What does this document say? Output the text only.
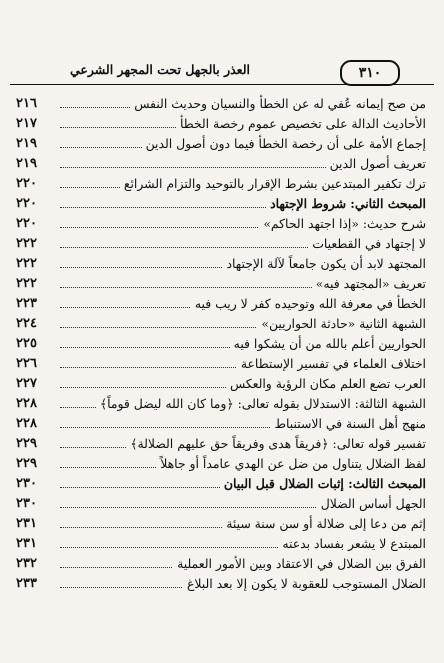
العذر بالجهل تحت المجهر الشرعي	٣١٠
من صح إيمانه عُفي له عن الخطأ والنسيان وحديث النفس
٢١٦
الأحاديث الدالة على تخصيص عموم رخصة الخطأ
٢١٧
إجماع الأمة على أن رخصة الخطأ فيما دون أصول الدين
٢١٩
تعريف أصول الدين
٢١٩
ترك تكفير المبتدعين بشرط الإقرار بالتوحيد والتزام الشرائع
٢٢٠
المبحث الثاني: شروط الإجتهاد
٢٢٠
شرح حديث: «إذا اجتهد الحاكم»
٢٢٠
لا إجتهاد في القطعيات
٢٢٢
المجتهد لابد أن يكون جامعاً لآلة الإجتهاد
٢٢٢
تعريف «المجتهد فيه»
٢٢٢
الخطأ في معرفة الله وتوحيده كفر لا ريب فيه
٢٢٣
الشبهة الثانية «حادثة الحواريين»
٢٢٤
الحواريين أعلم بالله من أن يشكوا فيه
٢٢٥
اختلاف العلماء في تفسير الإستطاعة
٢٢٦
العرب تضع العلم مكان الرؤية والعكس
٢٢٧
الشبهة الثالثة: الاستدلال بقوله تعالى: ﴿وما كان الله ليضل قوماً﴾
٢٢٨
منهج أهل السنة في الاستنباط
٢٢٨
تفسير قوله تعالى: ﴿فريقاً هدى وفريقاً حق عليهم الضلالة﴾
٢٢٩
لفظ الضلال يتناول من ضل عن الهدي عامداً أو جاهلاً
٢٢٩
المبحث الثالث: إثبات الضلال قبل البيان
٢٣٠
الجهل أساس الضلال
٢٣٠
إثم من دعا إلى ضلالة أو سن سنة سيئة
٢٣١
المبتدع لا يشعر بفساد بدعته
٢٣١
الفرق بين الضلال في الاعتقاد وبين الأمور العملية
٢٣٢
الضلال المستوجب للعقوبة لا يكون إلا بعد البلاغ
٢٣٣
